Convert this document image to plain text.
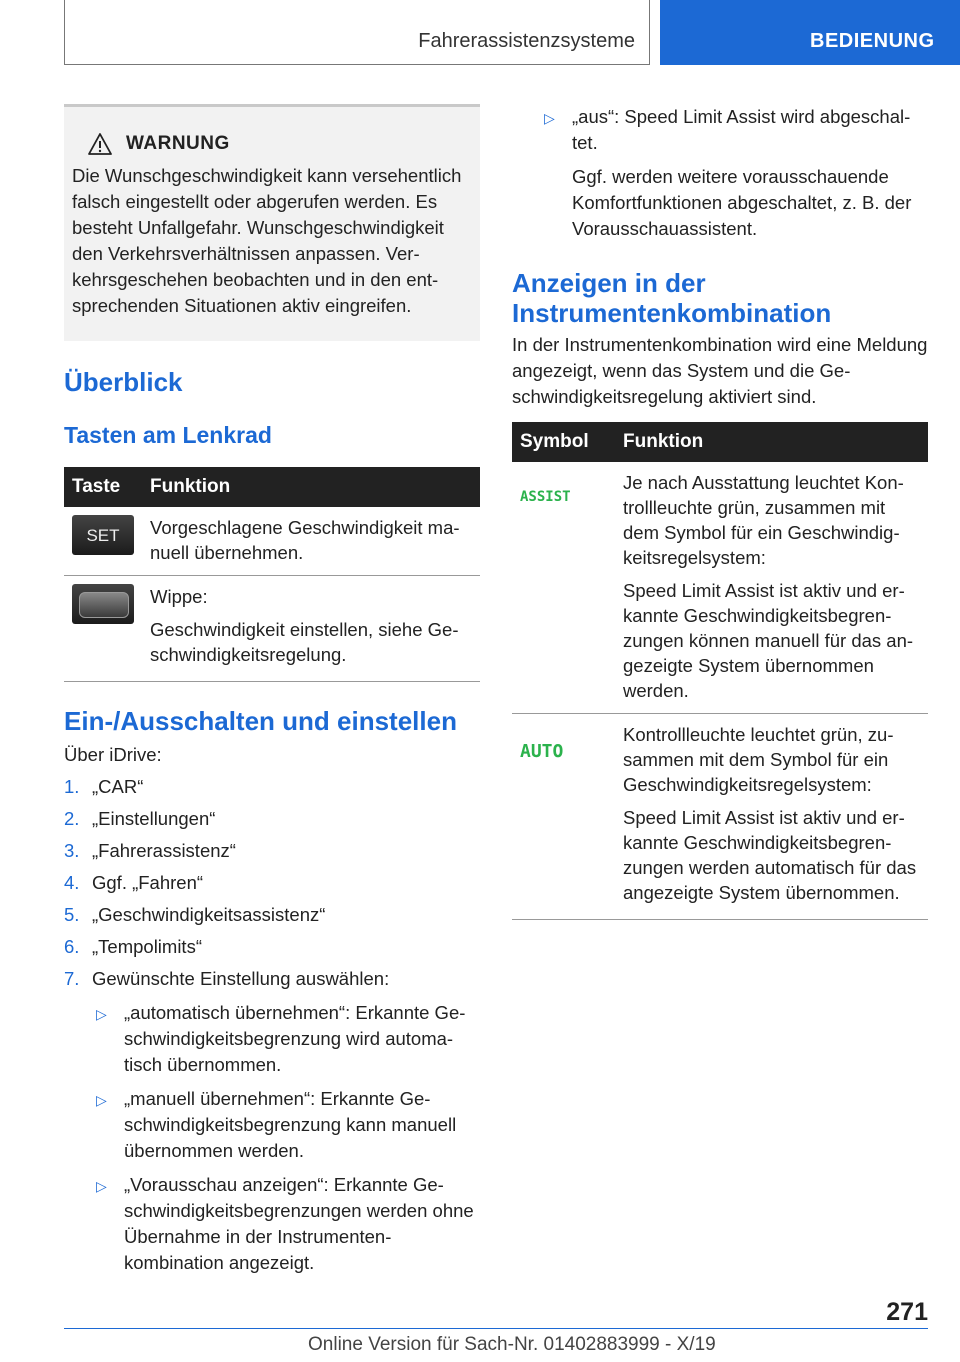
Fahrerassistenzsysteme	BEDIENUNG
WARNUNG

Die Wunschgeschwindigkeit kann versehentlich falsch eingestellt oder abgerufen werden. Es besteht Unfallgefahr. Wunschgeschwindigkeit den Verkehrsverhältnissen anpassen. Verkehrsgeschehen beobachten und in den entsprechenden Situationen aktiv eingreifen.

Überblick
Tasten am Lenkrad
Taste	Funktion

SET	Vorgeschlagene Geschwindigkeit manuell übernehmen.

	Wippe:

Geschwindigkeit einstellen, siehe Geschwindigkeitsregelung.

Ein-/Ausschalten und einstellen

Über iDrive:

1. „CAR“
2. „Einstellungen“
3. „Fahrerassistenz“
4. Ggf. „Fahren“
5. „Geschwindigkeitsassistenz“
6. „Tempolimits“
7. Gewünschte Einstellung auswählen:
▷ „automatisch übernehmen“: Erkannte Geschwindigkeitsbegrenzung wird automatisch übernommen.
▷ „manuell übernehmen“: Erkannte Geschwindigkeitsbegrenzung kann manuell übernommen werden.
▷ „Vorausschau anzeigen“: Erkannte Geschwindigkeitsbegrenzungen werden ohne Übernahme in der Instrumentenkombination angezeigt.
▷ „aus“: Speed Limit Assist wird abgeschaltet.
Ggf. werden weitere vorausschauende Komfortfunktionen abgeschaltet, z. B. der Vorausschauassistent.
Anzeigen in der
Instrumentenkombination

In der Instrumentenkombination wird eine Meldung angezeigt, wenn das System und die Geschwindigkeitsregelung aktiviert sind.

Symbol	Funktion
ASSIST	Je nach Ausstattung leuchtet Kontrollleuchte grün, zusammen mit dem Symbol für ein Geschwindigkeitsregelsystem:

Speed Limit Assist ist aktiv und erkannte Geschwindigkeitsbegrenzungen können manuell für das angezeigte System übernommen werden.

AUTO	Kontrollleuchte leuchtet grün, zusammen mit dem Symbol für ein Geschwindigkeitsregelsystem:

Speed Limit Assist ist aktiv und erkannte Geschwindigkeitsbegrenzungen werden automatisch für das angezeigte System übernommen.

271
Online Version für Sach-Nr. 01402883999 - X/19
